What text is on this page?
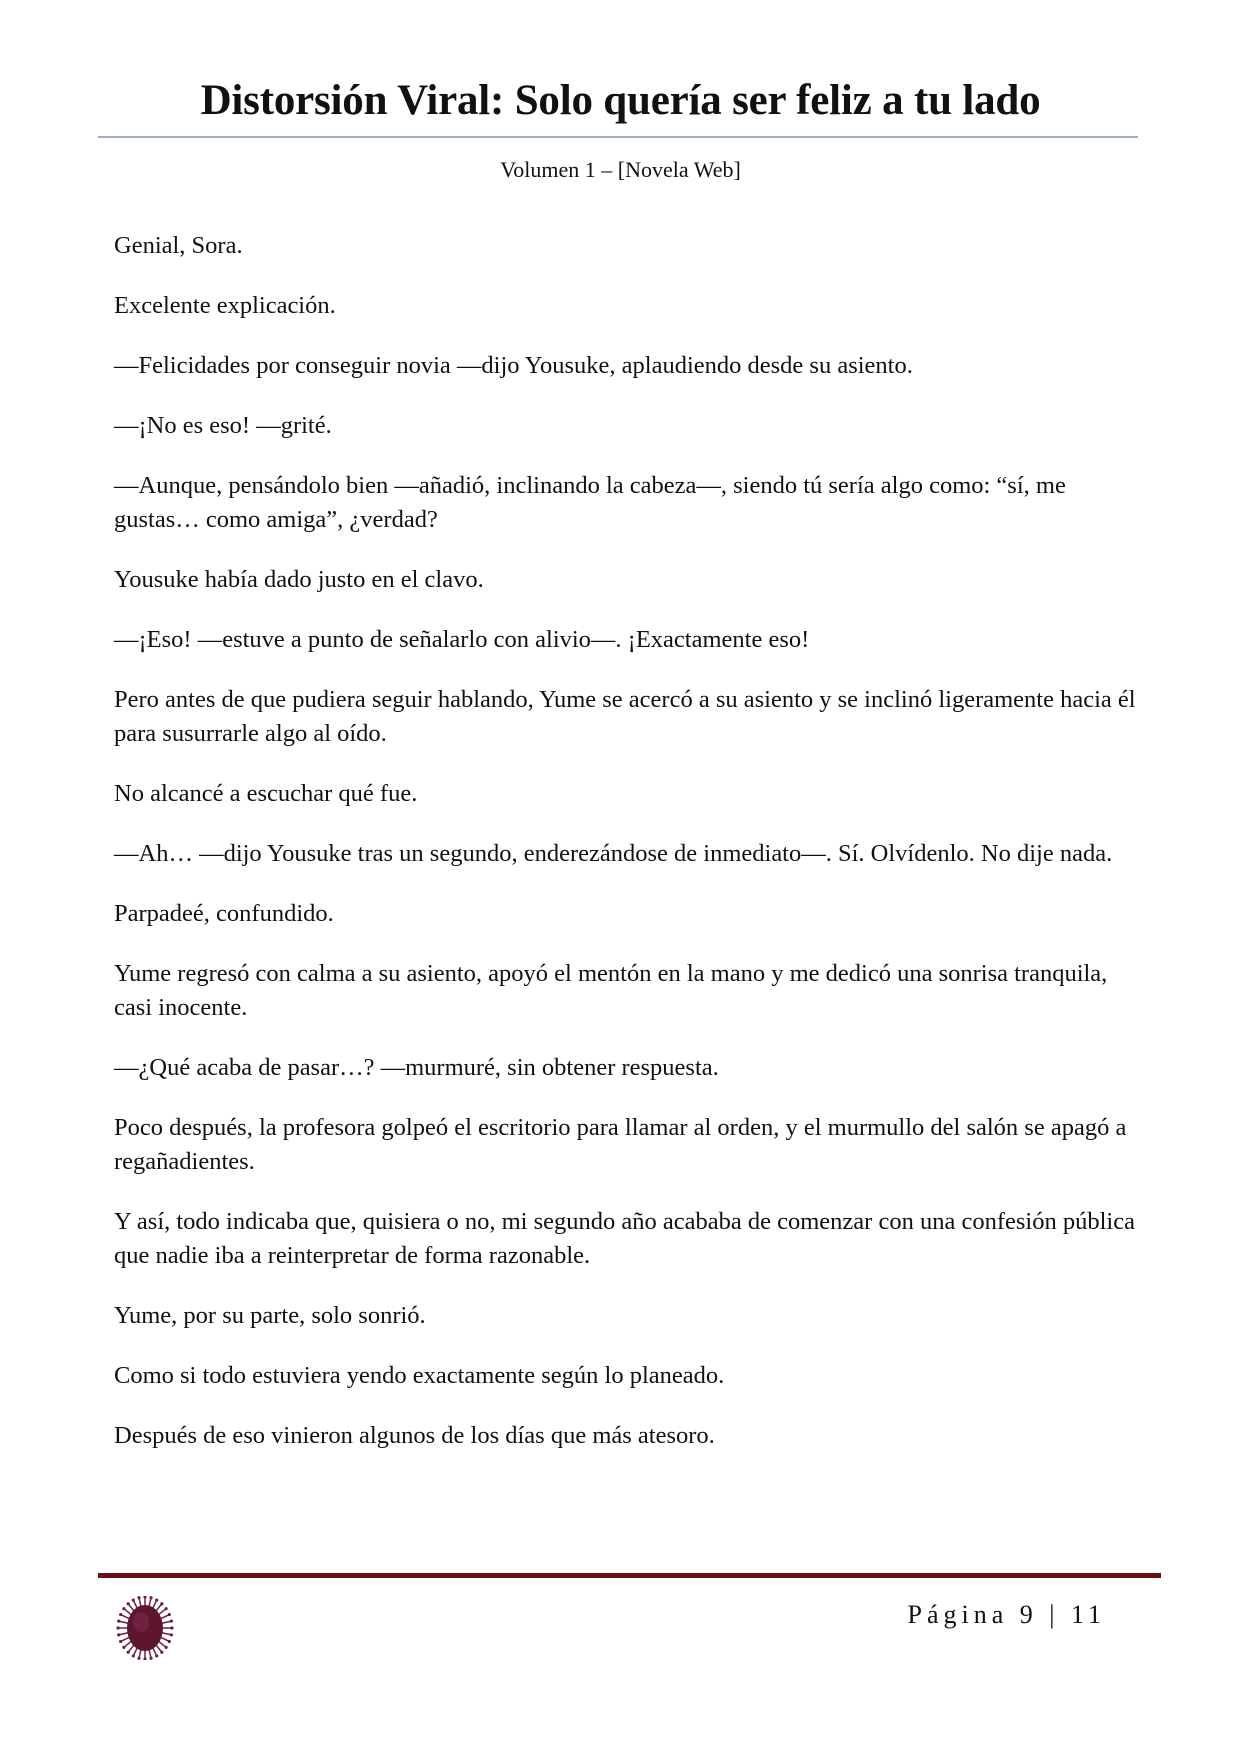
Distorsión Viral: Solo quería ser feliz a tu lado
Volumen 1 – [Novela Web]

Genial, Sora.

Excelente explicación.

—Felicidades por conseguir novia —dijo Yousuke, aplaudiendo desde su asiento.

—¡No es eso! —grité.

—Aunque, pensándolo bien —añadió, inclinando la cabeza—, siendo tú sería algo como: “sí, me gustas… como amiga”, ¿verdad?

Yousuke había dado justo en el clavo.

—¡Eso! —estuve a punto de señalarlo con alivio—. ¡Exactamente eso!

Pero antes de que pudiera seguir hablando, Yume se acercó a su asiento y se inclinó ligeramente hacia él para susurrarle algo al oído.

No alcancé a escuchar qué fue.

—Ah… —dijo Yousuke tras un segundo, enderezándose de inmediato—. Sí. Olvídenlo. No dije nada.

Parpadeé, confundido.

Yume regresó con calma a su asiento, apoyó el mentón en la mano y me dedicó una sonrisa tranquila, casi inocente.

—¿Qué acaba de pasar…? —murmuré, sin obtener respuesta.

Poco después, la profesora golpeó el escritorio para llamar al orden, y el murmullo del salón se apagó a regañadientes.

Y así, todo indicaba que, quisiera o no, mi segundo año acababa de comenzar con una confesión pública que nadie iba a reinterpretar de forma razonable.

Yume, por su parte, solo sonrió.

Como si todo estuviera yendo exactamente según lo planeado.

Después de eso vinieron algunos de los días que más atesoro.

Página 9 | 11
